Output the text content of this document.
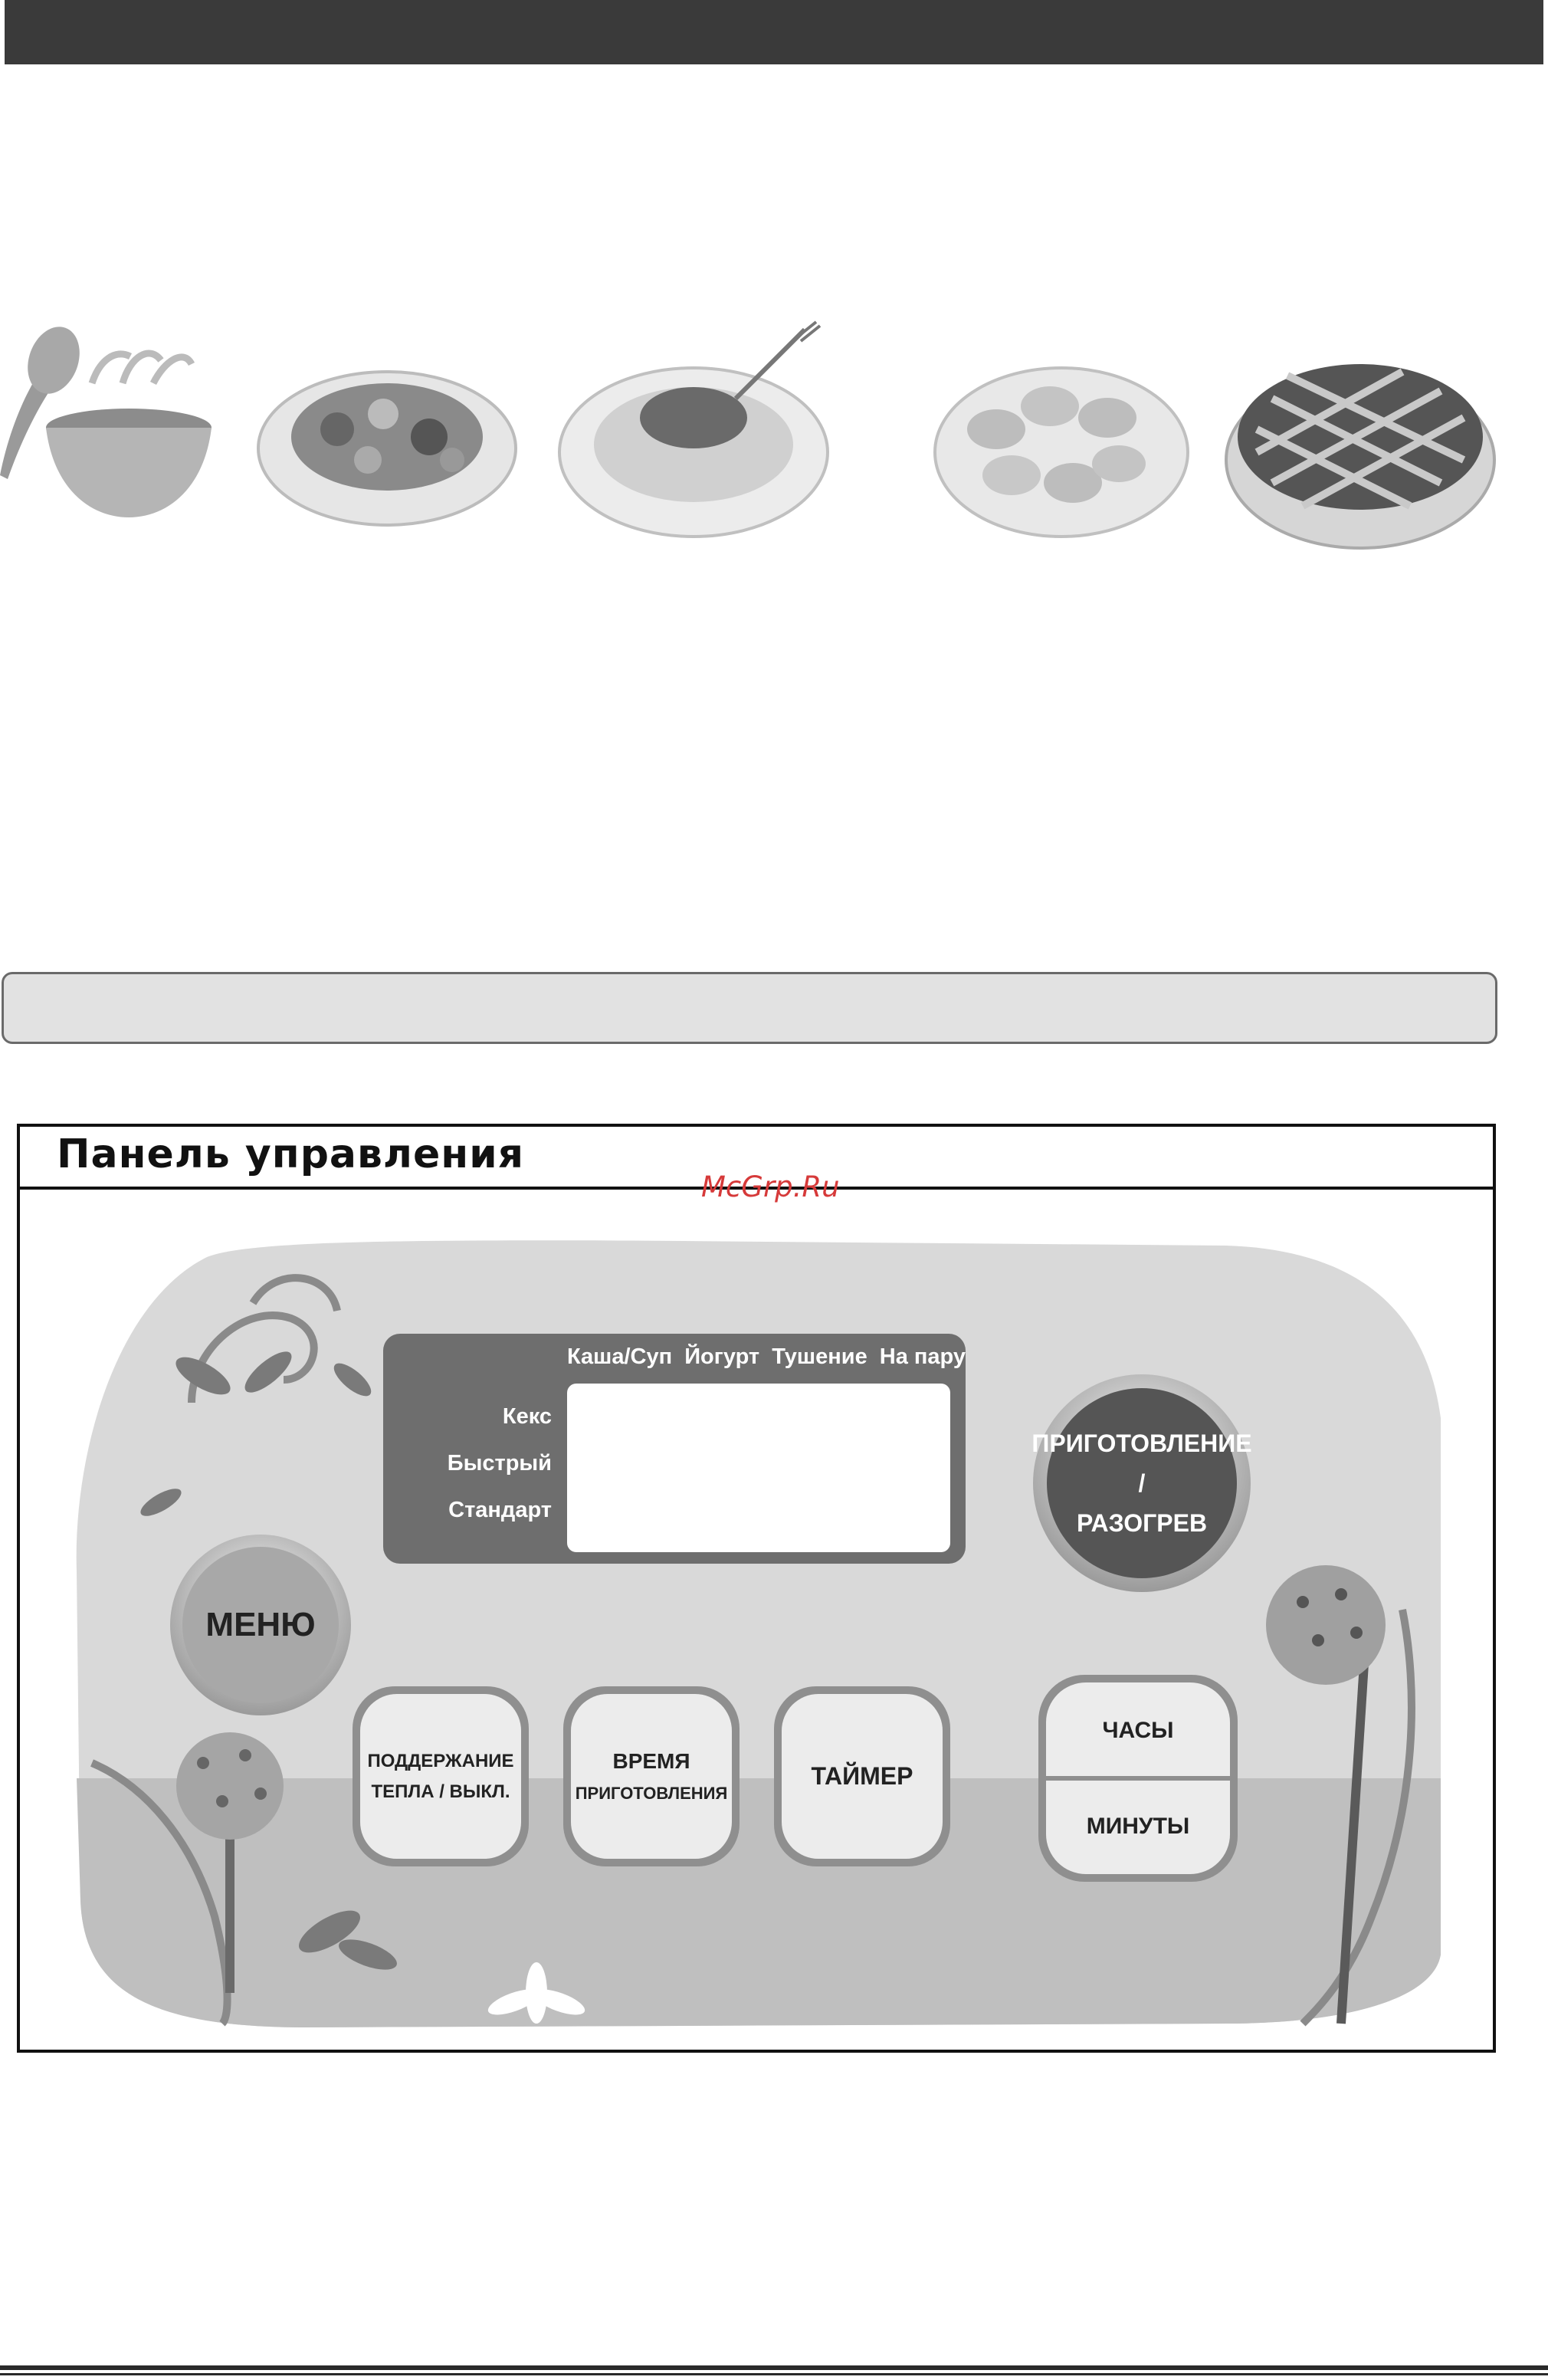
Панель управления
McGrp.Ru
Каша/Суп Йогурт Тушение На пару
Кекс
Быстрый
Стандарт
ПРИГОТОВЛЕНИЕ /
РАЗОГРЕВ
МЕНЮ
ПОДДЕРЖАНИЕ
ТЕПЛА / ВЫКЛ.
ВРЕМЯ
ПРИГОТОВЛЕНИЯ
ТАЙМЕР
ЧАСЫ
МИНУТЫ
